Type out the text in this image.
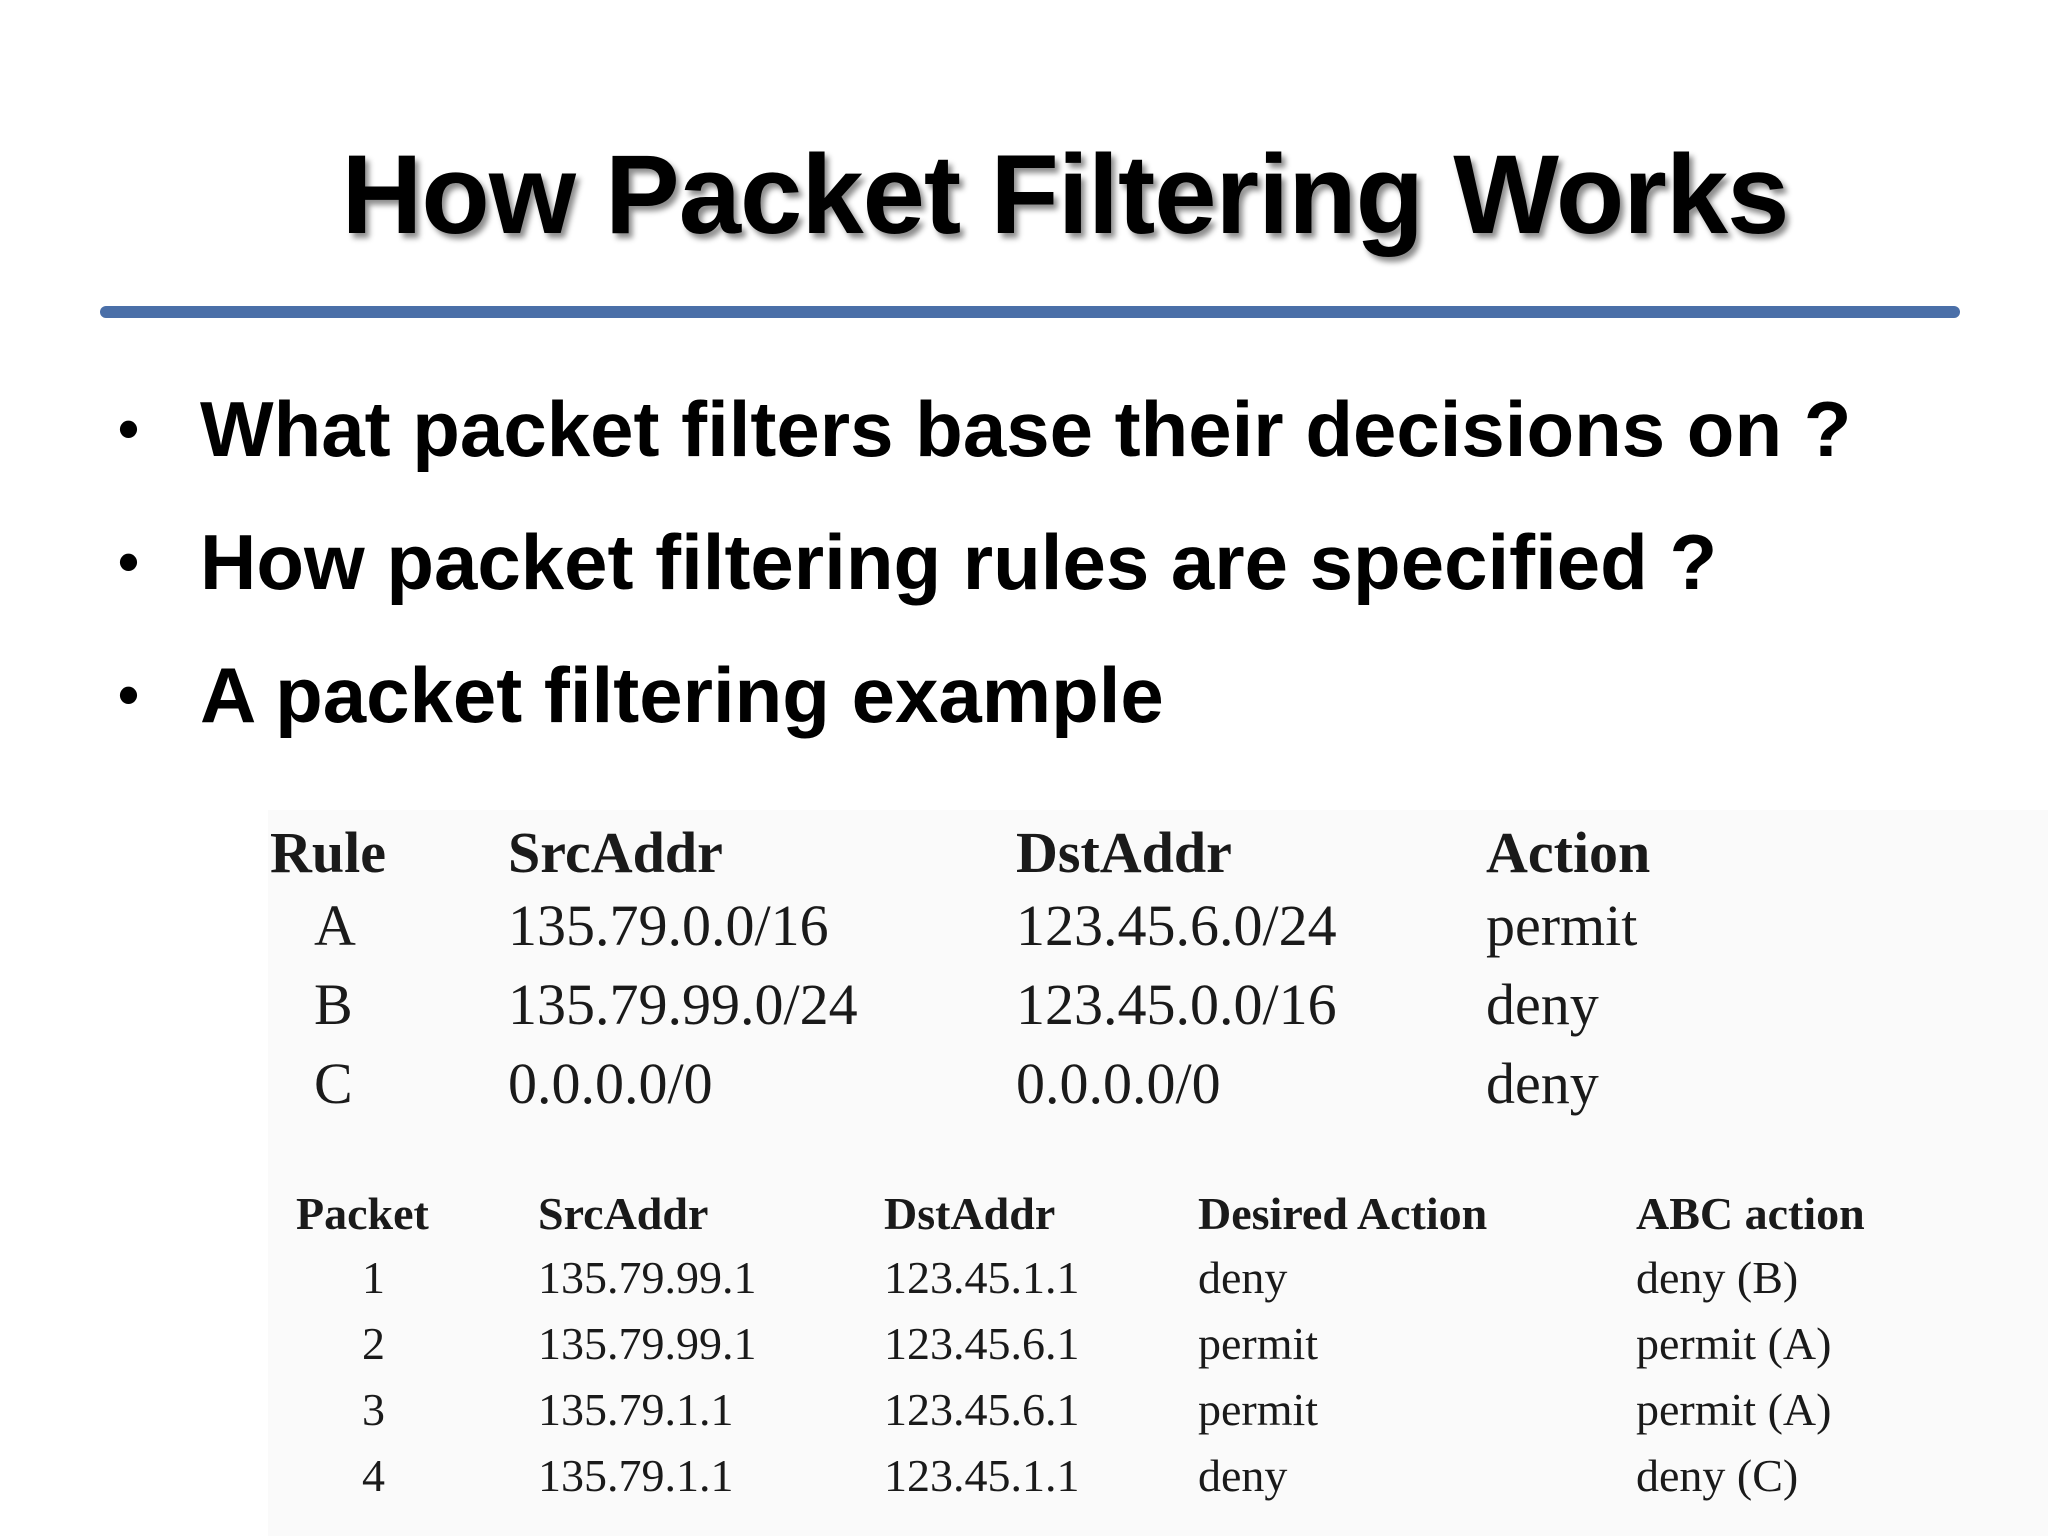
How Packet Filtering Works
• What packet filters base their decisions on ?
• How packet filtering rules are specified ?
• A packet filtering example
Rule	SrcAddr	DstAddr	Action
A	135.79.0.0/16	123.45.6.0/24	permit
B	135.79.99.0/24	123.45.0.0/16	deny
C	0.0.0.0/0	0.0.0.0/0	deny
Packet	SrcAddr	DstAddr	Desired Action	ABC action
1	135.79.99.1	123.45.1.1	deny	deny (B)
2	135.79.99.1	123.45.6.1	permit	permit (A)
3	135.79.1.1	123.45.6.1	permit	permit (A)
4	135.79.1.1	123.45.1.1	deny	deny (C)
